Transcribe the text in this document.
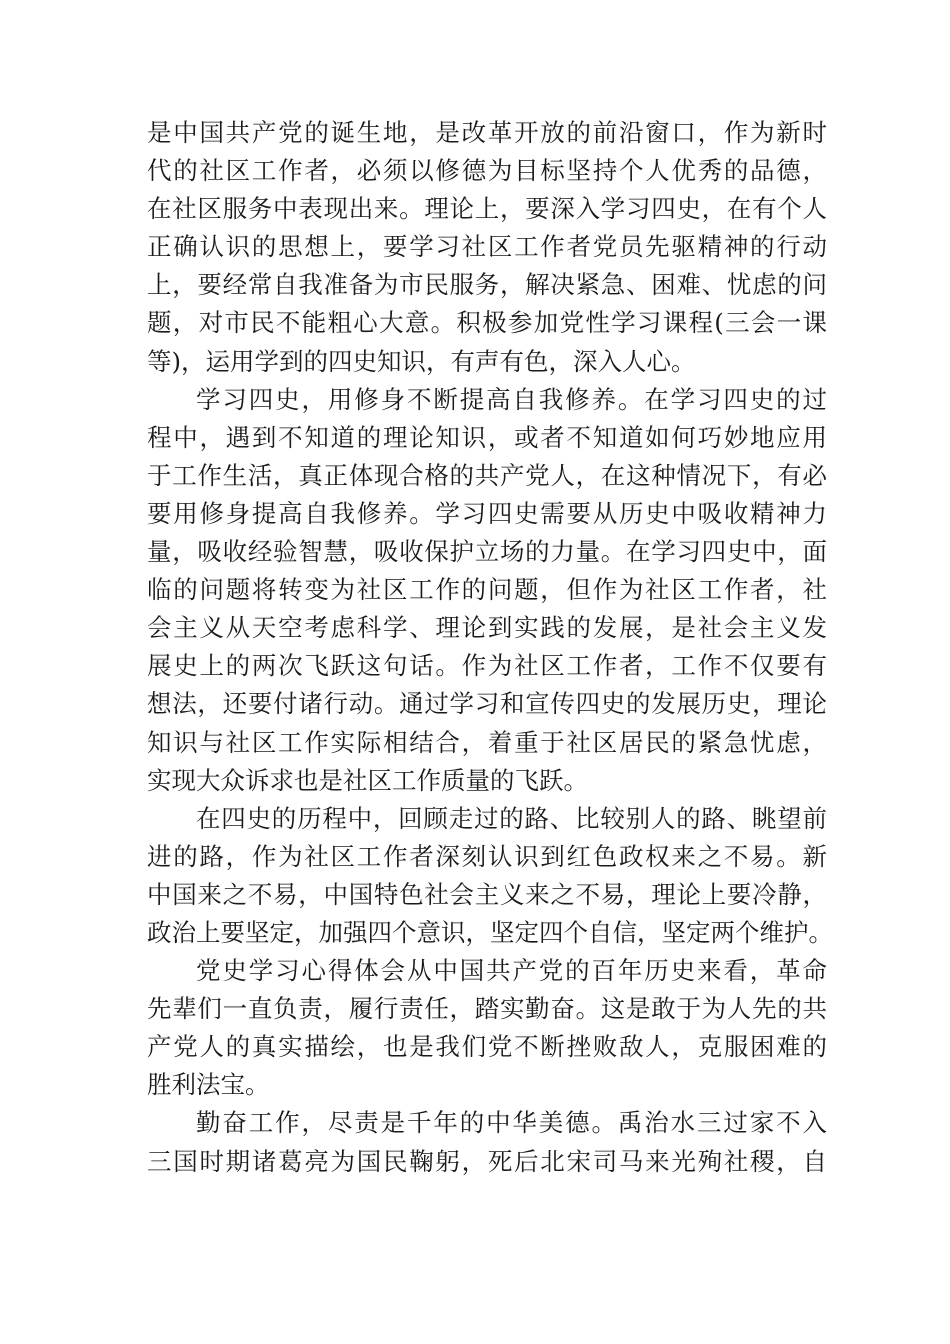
是中国共产党的诞生地，是改革开放的前沿窗口，作为新时
代的社区工作者，必须以修德为目标坚持个人优秀的品德，
在社区服务中表现出来。理论上，要深入学习四史，在有个人
正确认识的思想上，要学习社区工作者党员先驱精神的行动
上，要经常自我准备为市民服务，解决紧急、困难、忧虑的问
题，对市民不能粗心大意。积极参加党性学习课程(三会一课
等)，运用学到的四史知识，有声有色，深入人心。
学习四史，用修身不断提高自我修养。在学习四史的过
程中，遇到不知道的理论知识，或者不知道如何巧妙地应用
于工作生活，真正体现合格的共产党人，在这种情况下，有必
要用修身提高自我修养。学习四史需要从历史中吸收精神力
量，吸收经验智慧，吸收保护立场的力量。在学习四史中，面
临的问题将转变为社区工作的问题，但作为社区工作者，社
会主义从天空考虑科学、理论到实践的发展，是社会主义发
展史上的两次飞跃这句话。作为社区工作者，工作不仅要有
想法，还要付诸行动。通过学习和宣传四史的发展历史，理论
知识与社区工作实际相结合，着重于社区居民的紧急忧虑，
实现大众诉求也是社区工作质量的飞跃。
在四史的历程中，回顾走过的路、比较别人的路、眺望前
进的路，作为社区工作者深刻认识到红色政权来之不易。新
中国来之不易，中国特色社会主义来之不易，理论上要冷静，
政治上要坚定，加强四个意识，坚定四个自信，坚定两个维护。
党史学习心得体会从中国共产党的百年历史来看，革命
先辈们一直负责，履行责任，踏实勤奋。这是敢于为人先的共
产党人的真实描绘，也是我们党不断挫败敌人，克服困难的
胜利法宝。
勤奋工作，尽责是千年的中华美德。禹治水三过家不入
三国时期诸葛亮为国民鞠躬，死后北宋司马来光殉社稷，自
